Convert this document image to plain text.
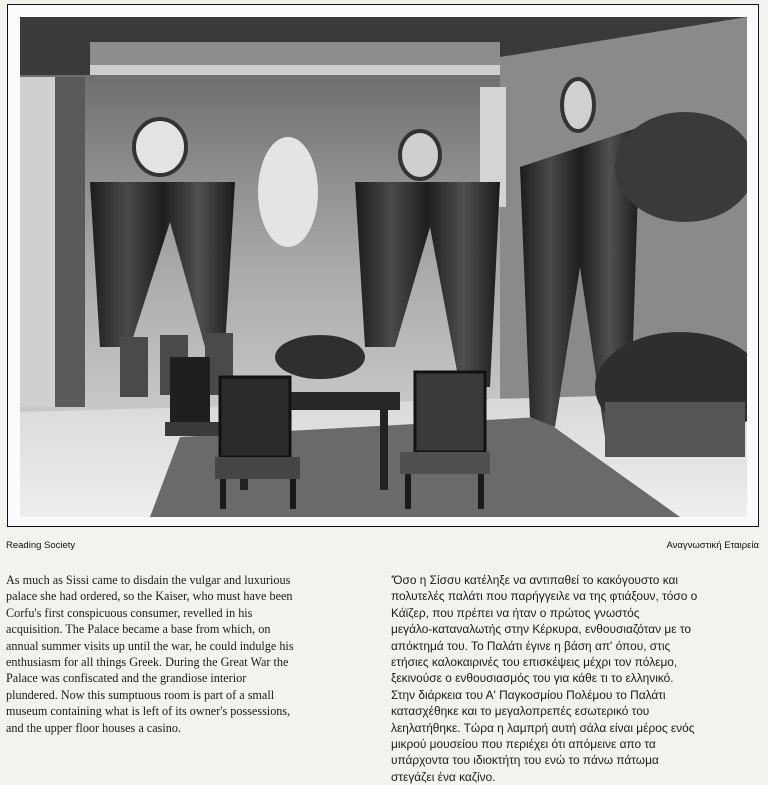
Reading Society	Αναγνωστική Εταιρεία
As much as Sissi came to disdain the vulgar and luxurious
palace she had ordered, so the Kaiser, who must have been
Corfu's first conspicuous consumer, revelled in his
acquisition. The Palace became a base from which, on
annual summer visits up until the war, he could indulge his
enthusiasm for all things Greek. During the Great War the
Palace was confiscated and the grandiose interior
plundered. Now this sumptuous room is part of a small
museum containing what is left of its owner's possessions,
and the upper floor houses a casino.
'Όσο η Σίσσυ κατέληξε να αντιπαθεί το κακόγουστο και
πολυτελές παλάτι που παρήγγειλε να της φτιάξουν, τόσο ο
Κάϊζερ, που πρέπει να ήταν ο πρώτος γνωστός
μεγάλο-καταναλωτής στην Κέρκυρα, ενθουσιαζόταν με το
απόκτημά του. Το Παλάτι έγινε η βάση απ' όπου, στις
ετήσιες καλοκαιρινές του επισκέψεις μέχρι τον πόλεμο,
ξεκινούσε ο ενθουσιασμός του για κάθε τι το ελληνικό.
Στην διάρκεια του Α' Παγκοσμίου Πολέμου το Παλάτι
κατασχέθηκε και το μεγαλοπρεπές εσωτερικό του
λεηλατήθηκε. Τώρα η λαμπρή αυτή σάλα είναι μέρος ενός
μικρού μουσείου που περιέχει ότι απόμεινε απο τα
υπάρχοντα του ιδιοκτήτη του ενώ το πάνω πάτωμα
στεγάζει ένα καζίνο.
